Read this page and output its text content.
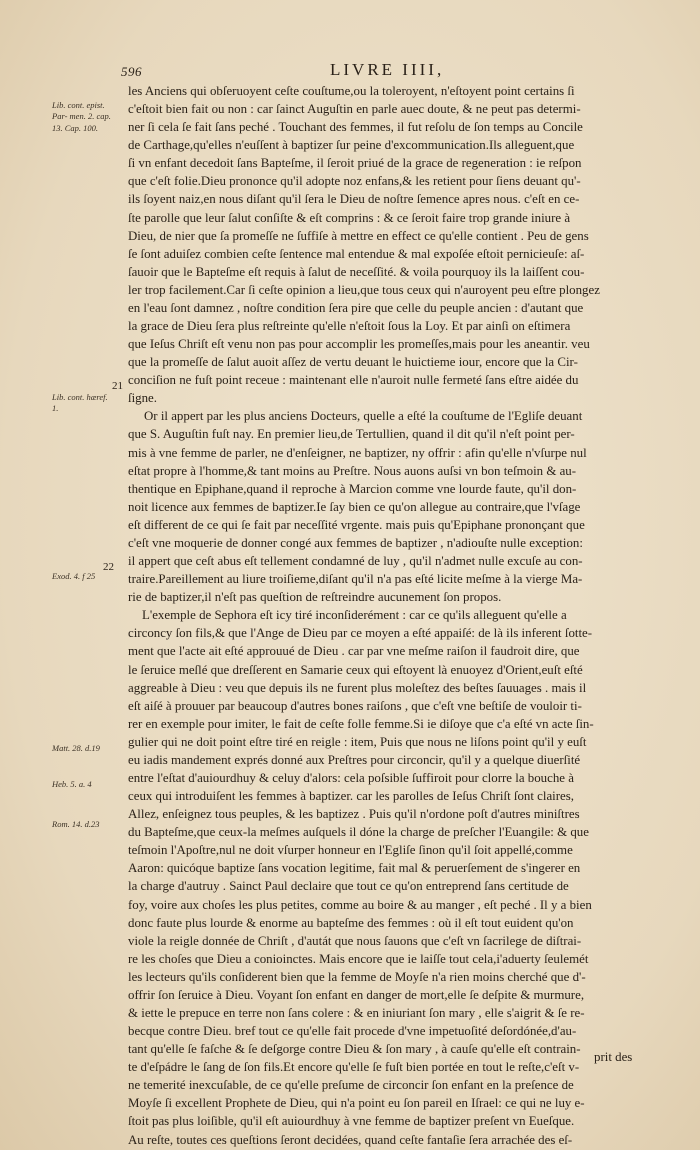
596	LIVRE IIII,
Lib. cont. epist. Par- men. 2. cap. 13. Cap. 100.
Lib. cont. hæref. 1.
Exod. 4. f 25
Matt. 28. d.19
Heb. 5. a. 4
Rom. 14. d.23
21
22
les Anciens qui obſeruoyent ceſte couſtume,ou la toleroyent, n'eſtoyent point certains ſi
c'eſtoit bien fait ou non : car ſainct Auguſtin en parle auec doute, & ne peut pas determi-
ner ſi cela ſe fait ſans peché . Touchant des femmes, il fut reſolu de ſon temps au Concile
de Carthage,qu'elles n'euſſent à baptizer ſur peine d'excommunication.Ils alleguent,que
ſi vn enfant decedoit ſans Bapteſme, il ſeroit priué de la grace de regeneration : ie reſpon
que c'eſt folie.Dieu prononce qu'il adopte noz enfans,& les retient pour ſiens deuant qu'-
ils ſoyent naiz,en nous diſant qu'il ſera le Dieu de noſtre ſemence apres nous. c'eſt en ce-
ſte parolle que leur ſalut conſiſte & eſt comprins : & ce ſeroit faire trop grande iniure à
Dieu, de nier que ſa promeſſe ne ſuffiſe à mettre en effect ce qu'elle contient . Peu de gens
ſe ſont aduiſez combien ceſte ſentence mal entendue & mal expoſée eſtoit pernicieuſe: aſ-
ſauoir que le Bapteſme eſt requis à ſalut de neceſſité. & voila pourquoy ils la laiſſent cou-
ler trop facilement.Car ſi ceſte opinion a lieu,que tous ceux qui n'auroyent peu eſtre plongez
en l'eau ſont damnez , noſtre condition ſera pire que celle du peuple ancien : d'autant que
la grace de Dieu ſera plus reſtreinte qu'elle n'eſtoit ſous la Loy. Et par ainſi on eſtimera
que Ieſus Chriſt eſt venu non pas pour accomplir les promeſſes,mais pour les aneantir. veu
que la promeſſe de ſalut auoit aſſez de vertu deuant le huictieme iour, encore que la Cir-
conciſion ne fuſt point receue : maintenant elle n'auroit nulle fermeté ſans eſtre aidée du
ſigne.
Or il appert par les plus anciens Docteurs, quelle a eſté la couſtume de l'Egliſe deuant
que S. Auguſtin fuſt nay. En premier lieu,de Tertullien, quand il dit qu'il n'eſt point per-
mis à vne femme de parler, ne d'enſeigner, ne baptizer, ny offrir : afin qu'elle n'vſurpe nul
eſtat propre à l'homme,& tant moins au Preſtre. Nous auons auſsi vn bon teſmoin & au-
thentique en Epiphane,quand il reproche à Marcion comme vne lourde faute, qu'il don-
noit licence aux femmes de baptizer.Ie ſay bien ce qu'on allegue au contraire,que l'vſage
eſt different de ce qui ſe fait par neceſſité vrgente. mais puis qu'Epiphane prononçant que
c'eſt vne moquerie de donner congé aux femmes de baptizer , n'adiouſte nulle exception:
il appert que ceſt abus eſt tellement condamné de luy , qu'il n'admet nulle excuſe au con-
traire.Pareillement au liure troiſieme,diſant qu'il n'a pas eſté licite meſme à la vierge Ma-
rie de baptizer,il n'eſt pas queſtion de reſtreindre aucunement ſon propos.
L'exemple de Sephora eſt icy tiré inconſiderément : car ce qu'ils alleguent qu'elle a
circoncy ſon fils,& que l'Ange de Dieu par ce moyen a eſté appaiſé: de là ils inferent ſotte-
ment que l'acte ait eſté approuué de Dieu . car par vne meſme raiſon il faudroit dire, que
le ſeruice meſlé que dreſſerent en Samarie ceux qui eſtoyent là enuoyez d'Orient,euſt eſté
aggreable à Dieu : veu que depuis ils ne furent plus moleſtez des beſtes ſauuages . mais il
eſt aiſé à prouuer par beaucoup d'autres bones raiſons , que c'eſt vne beſtiſe de vouloir ti-
rer en exemple pour imiter, le fait de ceſte folle femme.Si ie diſoye que c'a eſté vn acte ſin-
gulier qui ne doit point eſtre tiré en reigle : item, Puis que nous ne liſons point qu'il y euſt
eu iadis mandement exprés donné aux Preſtres pour circoncir, qu'il y a quelque diuerſité
entre l'eſtat d'auiourdhuy & celuy d'alors: cela poſsible ſuffiroit pour clorre la bouche à
ceux qui introduiſent les femmes à baptizer. car les parolles de Ieſus Chriſt ſont claires,
Allez, enſeignez tous peuples, & les baptizez . Puis qu'il n'ordone poſt d'autres miniſtres
du Bapteſme,que ceux-la meſmes auſquels il dóne la charge de preſcher l'Euangile: & que
teſmoin l'Apoſtre,nul ne doit vſurper honneur en l'Egliſe ſinon qu'il ſoit appellé,comme
Aaron: quicóque baptize ſans vocation legitime, fait mal & peruerſement de s'ingerer en
la charge d'autruy . Sainct Paul declaire que tout ce qu'on entreprend ſans certitude de
foy, voire aux choſes les plus petites, comme au boire & au manger , eſt peché . Il y a bien
donc faute plus lourde & enorme au bapteſme des femmes : où il eſt tout euident qu'on
viole la reigle donnée de Chriſt , d'autát que nous ſauons que c'eſt vn ſacrilege de diſtrai-
re les choſes que Dieu a conioinctes. Mais encore que ie laiſſe tout cela,i'aduerty ſeulemét
les lecteurs qu'ils conſiderent bien que la femme de Moyſe n'a rien moins cherché que d'-
offrir ſon ſeruice à Dieu. Voyant ſon enfant en danger de mort,elle ſe deſpite & murmure,
& iette le prepuce en terre non ſans colere : & en iniuriant ſon mary , elle s'aigrit & ſe re-
becque contre Dieu. bref tout ce qu'elle fait procede d'vne impetuoſité deſordónée,d'au-
tant qu'elle ſe faſche & ſe deſgorge contre Dieu & ſon mary , à cauſe qu'elle eſt contrain-
te d'eſpádre le ſang de ſon fils.Et encore qu'elle ſe fuſt bien portée en tout le reſte,c'eſt v-
ne temerité inexcuſable, de ce qu'elle preſume de circoncir ſon enfant en la preſence de
Moyſe ſi excellent Prophete de Dieu, qui n'a point eu ſon pareil en Iſrael: ce qui ne luy e-
ſtoit pas plus loiſible, qu'il eſt auiourdhuy à vne femme de baptizer preſent vn Eueſque.
Au reſte, toutes ces queſtions ſeront decidées, quand ceſte fantaſie ſera arrachée des eſ-
prit des
